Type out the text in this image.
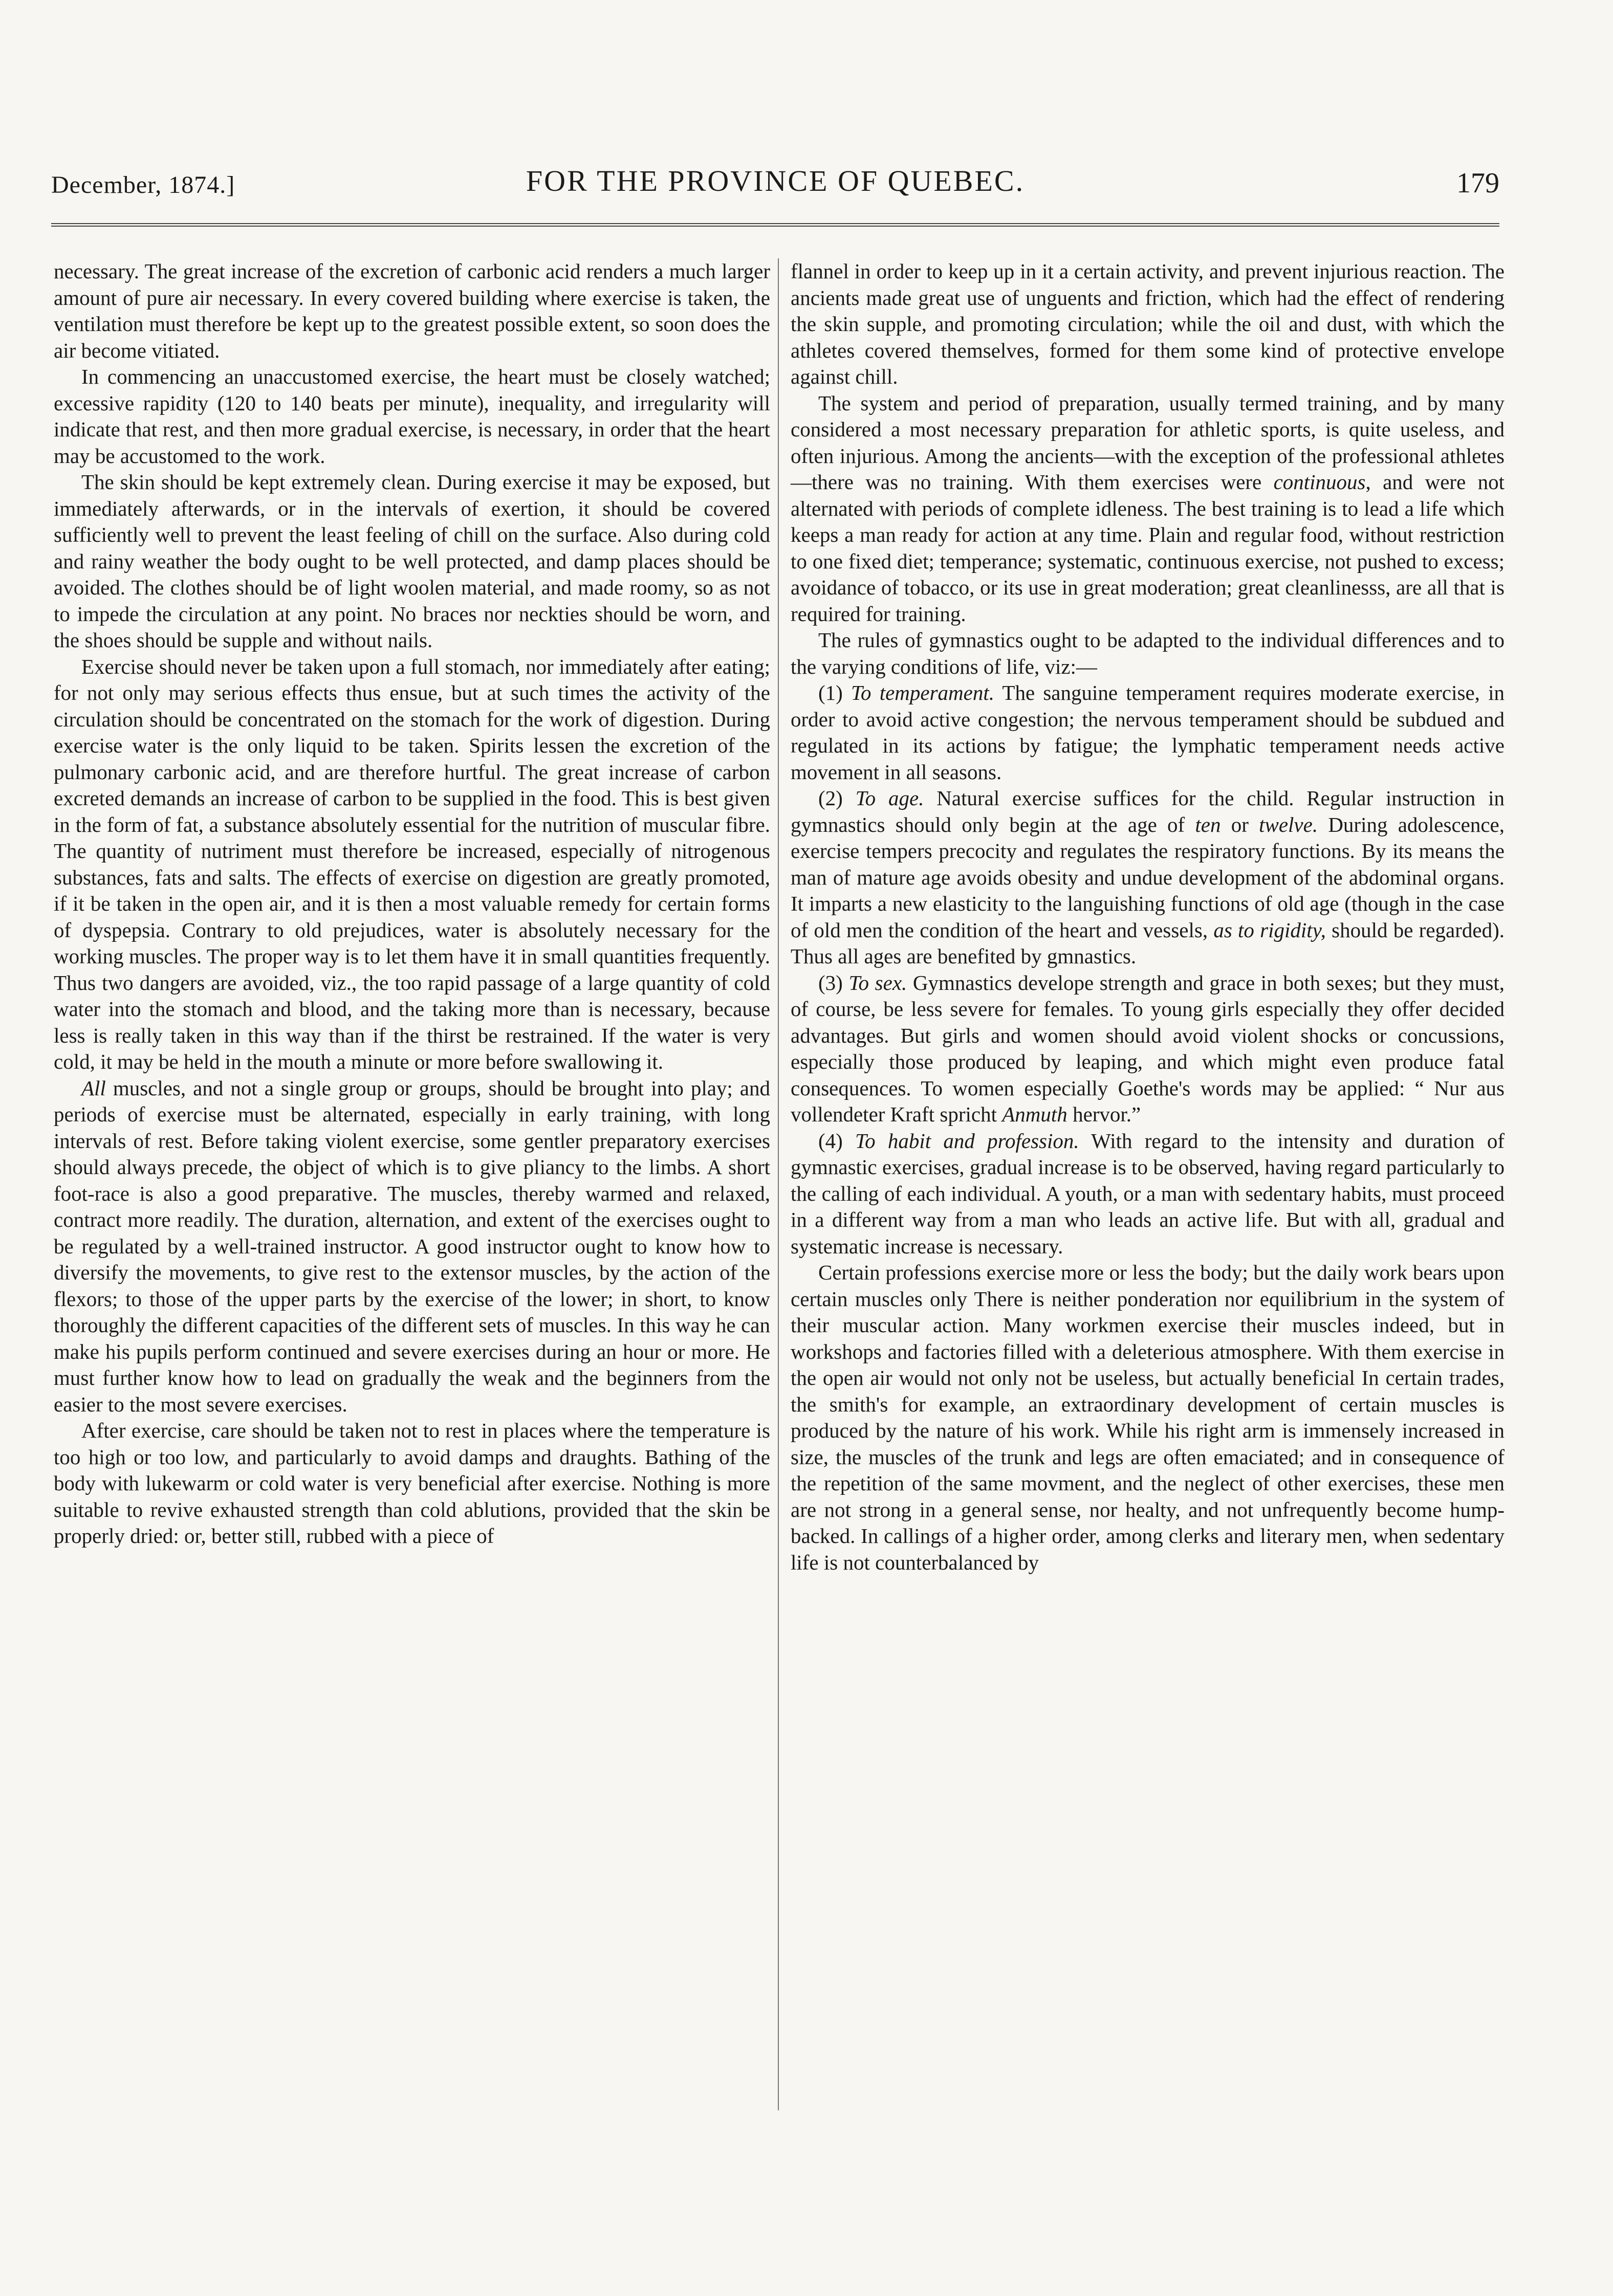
December, 1874.]	FOR THE PROVINCE OF QUEBEC.	179

necessary. The great increase of the excretion of carbonic acid renders a much larger amount of pure air necessary. In every covered building where exercise is taken, the ventilation must therefore be kept up to the greatest possible extent, so soon does the air become vitiated.

In commencing an unaccustomed exercise, the heart must be closely watched; excessive rapidity (120 to 140 beats per minute), inequality, and irregularity will indicate that rest, and then more gradual exercise, is necessary, in order that the heart may be accustomed to the work.

The skin should be kept extremely clean. During exercise it may be exposed, but immediately afterwards, or in the intervals of exertion, it should be covered sufficiently well to prevent the least feeling of chill on the surface. Also during cold and rainy weather the body ought to be well protected, and damp places should be avoided. The clothes should be of light woolen material, and made roomy, so as not to impede the circulation at any point. No braces nor neckties should be worn, and the shoes should be supple and without nails.

Exercise should never be taken upon a full stomach, nor immediately after eating; for not only may serious effects thus ensue, but at such times the activity of the circulation should be concentrated on the stomach for the work of digestion. During exercise water is the only liquid to be taken. Spirits lessen the excretion of the pulmonary carbonic acid, and are therefore hurtful. The great increase of carbon excreted demands an increase of carbon to be supplied in the food. This is best given in the form of fat, a substance absolutely essential for the nutrition of muscular fibre. The quantity of nutriment must therefore be increased, especially of nitrogenous substances, fats and salts. The effects of exercise on digestion are greatly promoted, if it be taken in the open air, and it is then a most valuable remedy for certain forms of dyspepsia. Contrary to old prejudices, water is absolutely necessary for the working muscles. The proper way is to let them have it in small quantities frequently. Thus two dangers are avoided, viz., the too rapid passage of a large quantity of cold water into the stomach and blood, and the taking more than is necessary, because less is really taken in this way than if the thirst be restrained. If the water is very cold, it may be held in the mouth a minute or more before swallowing it.

All muscles, and not a single group or groups, should be brought into play; and periods of exercise must be alternated, especially in early training, with long intervals of rest. Before taking violent exercise, some gentler preparatory exercises should always precede, the object of which is to give pliancy to the limbs. A short foot-race is also a good preparative. The muscles, thereby warmed and relaxed, contract more readily. The duration, alternation, and extent of the exercises ought to be regulated by a well-trained instructor. A good instructor ought to know how to diversify the movements, to give rest to the extensor muscles, by the action of the flexors; to those of the upper parts by the exercise of the lower; in short, to know thoroughly the different capacities of the different sets of muscles. In this way he can make his pupils perform continued and severe exercises during an hour or more. He must further know how to lead on gradually the weak and the beginners from the easier to the most severe exercises.

After exercise, care should be taken not to rest in places where the temperature is too high or too low, and particularly to avoid damps and draughts. Bathing of the body with lukewarm or cold water is very beneficial after exercise. Nothing is more suitable to revive exhausted strength than cold ablutions, provided that the skin be properly dried: or, better still, rubbed with a piece of

flannel in order to keep up in it a certain activity, and prevent injurious reaction. The ancients made great use of unguents and friction, which had the effect of rendering the skin supple, and promoting circulation; while the oil and dust, with which the athletes covered themselves, formed for them some kind of protective envelope against chill.

The system and period of preparation, usually termed training, and by many considered a most necessary preparation for athletic sports, is quite useless, and often injurious. Among the ancients—with the exception of the professional athletes—there was no training. With them exercises were continuous, and were not alternated with periods of complete idleness. The best training is to lead a life which keeps a man ready for action at any time. Plain and regular food, without restriction to one fixed diet; temperance; systematic, continuous exercise, not pushed to excess; avoidance of tobacco, or its use in great moderation; great cleanlinesss, are all that is required for training.

The rules of gymnastics ought to be adapted to the individual differences and to the varying conditions of life, viz:—

(1) To temperament. The sanguine temperament requires moderate exercise, in order to avoid active congestion; the nervous temperament should be subdued and regulated in its actions by fatigue; the lymphatic temperament needs active movement in all seasons.

(2) To age. Natural exercise suffices for the child. Regular instruction in gymnastics should only begin at the age of ten or twelve. During adolescence, exercise tempers precocity and regulates the respiratory functions. By its means the man of mature age avoids obesity and undue development of the abdominal organs. It imparts a new elasticity to the languishing functions of old age (though in the case of old men the condition of the heart and vessels, as to rigidity, should be regarded). Thus all ages are benefited by gmnastics.

(3) To sex. Gymnastics develope strength and grace in both sexes; but they must, of course, be less severe for females. To young girls especially they offer decided advantages. But girls and women should avoid violent shocks or concussions, especially those produced by leaping, and which might even produce fatal consequences. To women especially Goethe's words may be applied: “ Nur aus vollendeter Kraft spricht Anmuth hervor.”

(4) To habit and profession. With regard to the intensity and duration of gymnastic exercises, gradual increase is to be observed, having regard particularly to the calling of each individual. A youth, or a man with sedentary habits, must proceed in a different way from a man who leads an active life. But with all, gradual and systematic increase is necessary.

Certain professions exercise more or less the body; but the daily work bears upon certain muscles only There is neither ponderation nor equilibrium in the system of their muscular action. Many workmen exercise their muscles indeed, but in workshops and factories filled with a deleterious atmosphere. With them exercise in the open air would not only not be useless, but actually beneficial In certain trades, the smith's for example, an extraordinary development of certain muscles is produced by the nature of his work. While his right arm is immensely increased in size, the muscles of the trunk and legs are often emaciated; and in consequence of the repetition of the same movment, and the neglect of other exercises, these men are not strong in a general sense, nor healty, and not unfrequently become hump-backed. In callings of a higher order, among clerks and literary men, when sedentary life is not counterbalanced by
